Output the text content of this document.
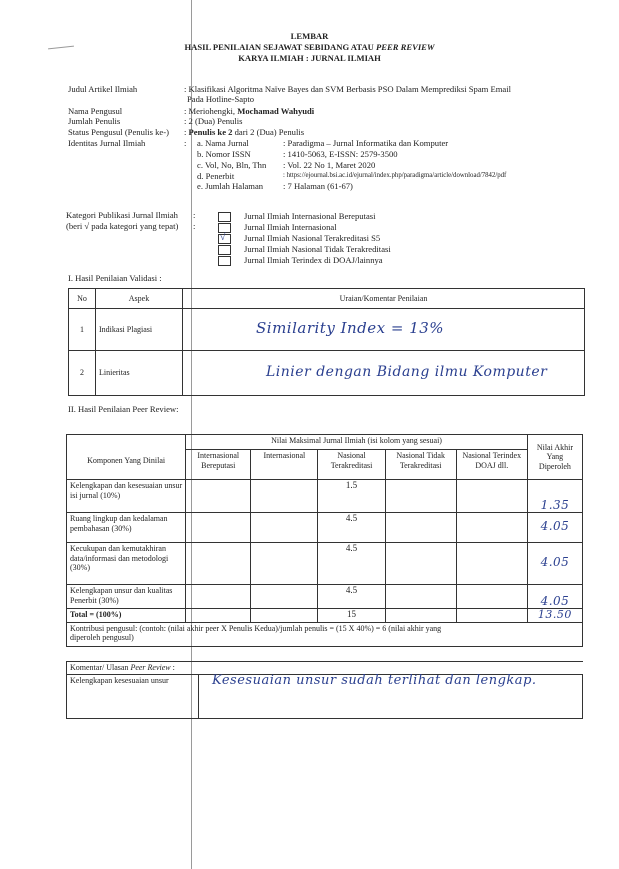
LEMBAR
HASIL PENILAIAN SEJAWAT SEBIDANG ATAU PEER REVIEW
KARYA ILMIAH : JURNAL ILMIAH
Judul Artikel Ilmiah	: Klasifikasi Algoritma Naïve Bayes dan SVM Berbasis PSO Dalam Memprediksi Spam Email
Pada Hotline-Sapto
Nama Pengusul	: Meriohengki, Mochamad Wahyudi
Jumlah Penulis	: 2 (Dua) Penulis
Status Pengusul (Penulis ke-) : Penulis ke 2 dari 2 (Dua) Penulis
Identitas Jurnal Ilmiah	: a. Nama Jurnal	: Paradigma – Jurnal Informatika dan Komputer
b. Nomor ISSN	: 1410-5063, E-ISSN: 2579-3500
c. Vol, No, Bln, Thn : Vol. 22 No 1, Maret 2020
d. Penerbit	: https://ejournal.bsi.ac.id/ejurnal/index.php/paradigma/article/download/7842/pdf
e. Jumlah Halaman : 7 Halaman (61-67)
Kategori Publikasi Jurnal Ilmiah
(beri √ pada kategori yang tepat)
:
:
Jurnal Ilmiah Internasional Bereputasi
Jurnal Ilmiah Internasional
√ Jurnal Ilmiah Nasional Terakreditasi S5
Jurnal Ilmiah Nasional Tidak Terakreditasi
Jurnal Ilmiah Terindex di DOAJ/lainnya
I. Hasil Penilaian Validasi :
No	Aspek	Uraian/Komentar Penilaian
1	Indikasi Plagiasi	Similarity Index = 13%
2	Linieritas	Linier dengan Bidang ilmu Komputer
II. Hasil Penilaian Peer Review:
Komponen Yang Dinilai	Nilai Maksimal Jurnal Ilmiah (isi kolom yang sesuai)					Nilai Akhir Yang Diperoleh
	Internasional Bereputasi	Internasional	Nasional Terakreditasi	Nasional Tidak Terakreditasi	Nasional Terindex DOAJ dll.	
Kelengkapan dan kesesuaian unsur isi jurnal (10%)			1.5			1.35
Ruang lingkup dan kedalaman pembahasan (30%)			4.5			4.05
Kecukupan dan kemutakhiran data/informasi dan metodologi (30%)			4.5			4.05
Kelengkapan unsur dan kualitas Penerbit (30%)			4.5			4.05
Total = (100%)			15			13.50

Kontribusi pengusul: (contoh: (nilai akhir peer X Penulis Kedua)/jumlah penulis = (15 X 40%) = 6 (nilai akhir yang
diperoleh pengusul)						
Komentar/ Ulasan Peer Review :
Kelengkapan kesesuaian unsur	Kesesuaian unsur sudah terlihat dan lengkap.
